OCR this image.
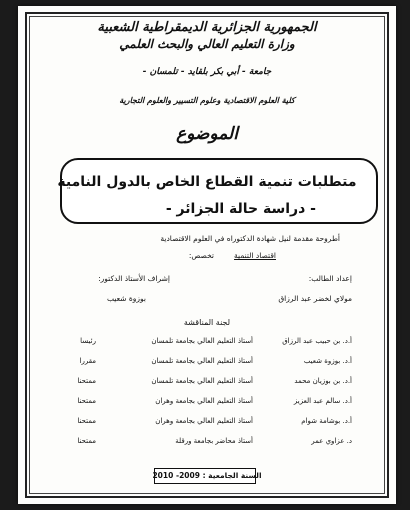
الجمهورية الجزائرية الديمقراطية الشعبية
وزارة التعليم العالي والبحث العلمي
جامعة - أبي بكر بلقايد - تلمسان -
كلية العلوم الاقتصادية وعلوم التسيير والعلوم التجارية
الموضوع
متطلبات تنمية القطاع الخاص بالدول النامية
- دراسة حالة الجزائر -
أطروحة مقدمة لنيل شهادة الدكتوراه في العلوم الاقتصادية
تخصص:	اقتصاد التنمية
إعداد الطالب:
إشراف الأستاذ الدكتور:
مولاي لخضر عبد الرزاق
بوزوة شعيب
لجنة المناقشة
أ.د. بن حبيب عبد الرزاق
أستاذ التعليم العالي بجامعة تلمسان
رئيسا
أ.د. بوزوة شعيب
أستاذ التعليم العالي بجامعة تلمسان
مقررا
أ.د. بن بوزيان محمد
أستاذ التعليم العالي بجامعة تلمسان
ممتحنا
أ.د. سالم عبد العزيز
أستاذ التعليم العالي بجامعة وهران
ممتحنا
أ.د. بوشامة شوام
أستاذ التعليم العالي بجامعة وهران
ممتحنا
د. عزاوي عمر
أستاذ محاضر بجامعة ورقلة
ممتحنا
السنة الجامعية : 2009- 2010
